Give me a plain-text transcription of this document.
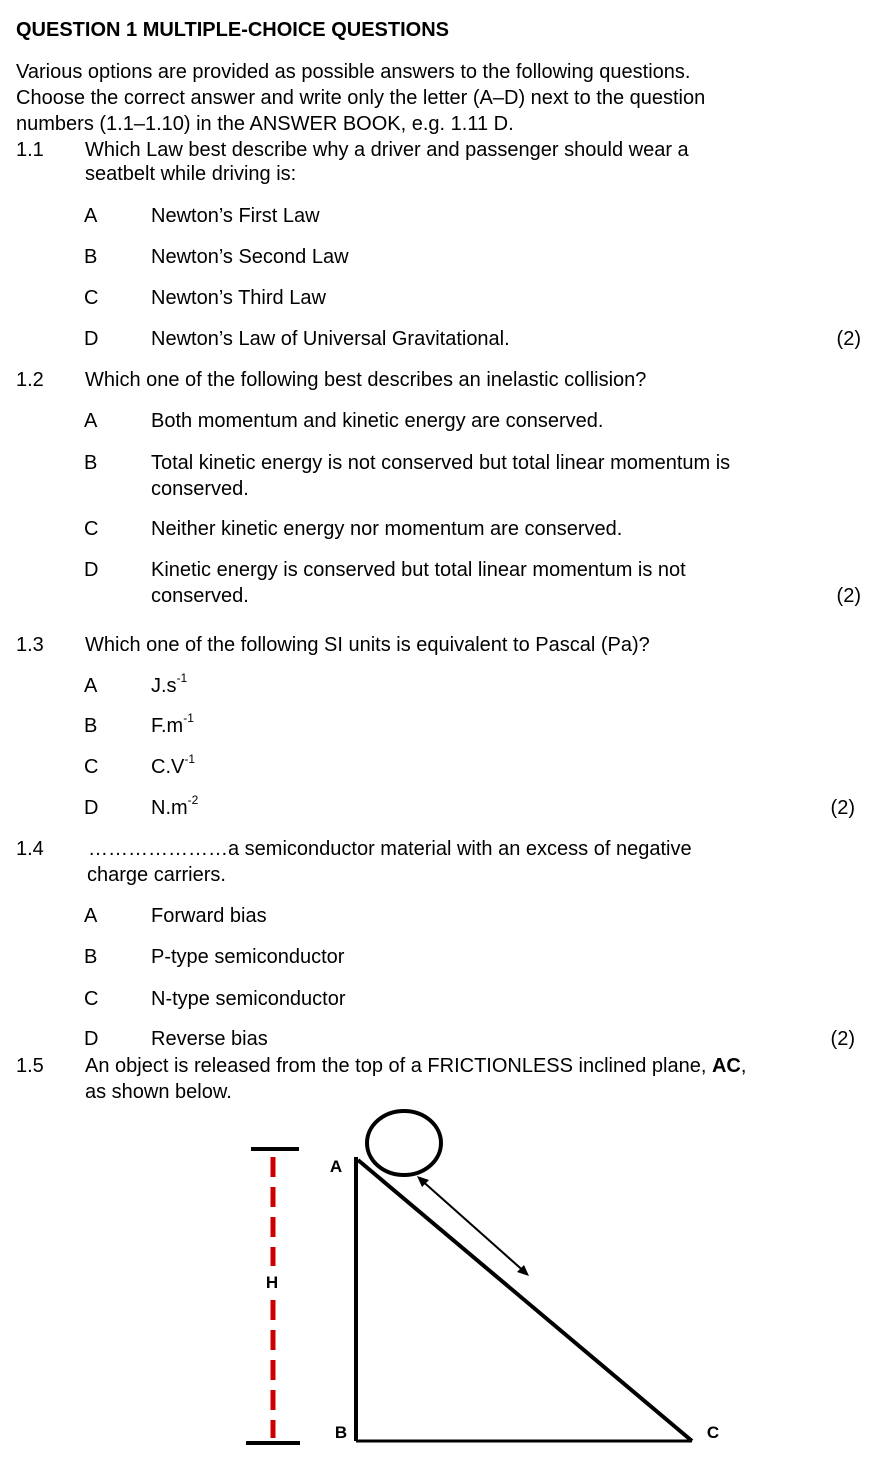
QUESTION 1 MULTIPLE-CHOICE QUESTIONS
Various options are provided as possible answers to the following questions.
Choose the correct answer and write only the letter (A–D) next to the question
numbers (1.1–1.10) in the ANSWER BOOK, e.g. 1.11 D.
1.1 Which Law best describe why a driver and passenger should wear a
seatbelt while driving is:
A	Newton’s First Law
B	Newton’s Second Law
C	Newton’s Third Law
D	Newton’s Law of Universal Gravitational.	(2)
1.2 Which one of the following best describes an inelastic collision?
A	Both momentum and kinetic energy are conserved.
B	Total kinetic energy is not conserved but total linear momentum is
conserved.
C	Neither kinetic energy nor momentum are conserved.
D	Kinetic energy is conserved but total linear momentum is not
conserved.	(2)
1.3 Which one of the following SI units is equivalent to Pascal (Pa)?
A	$J.s^{-1}$
B	$F.m^{-1}$
C	$C.V^{-1}$
D	$N.m^{-2}$	(2)
1.4 …………………a semiconductor material with an excess of negative
charge carriers.
A	Forward bias
B	P-type semiconductor
C	N-type semiconductor
D	Reverse bias	(2)
1.5 An object is released from the top of a FRICTIONLESS inclined plane, AC,
as shown below.
H
A
B	C
